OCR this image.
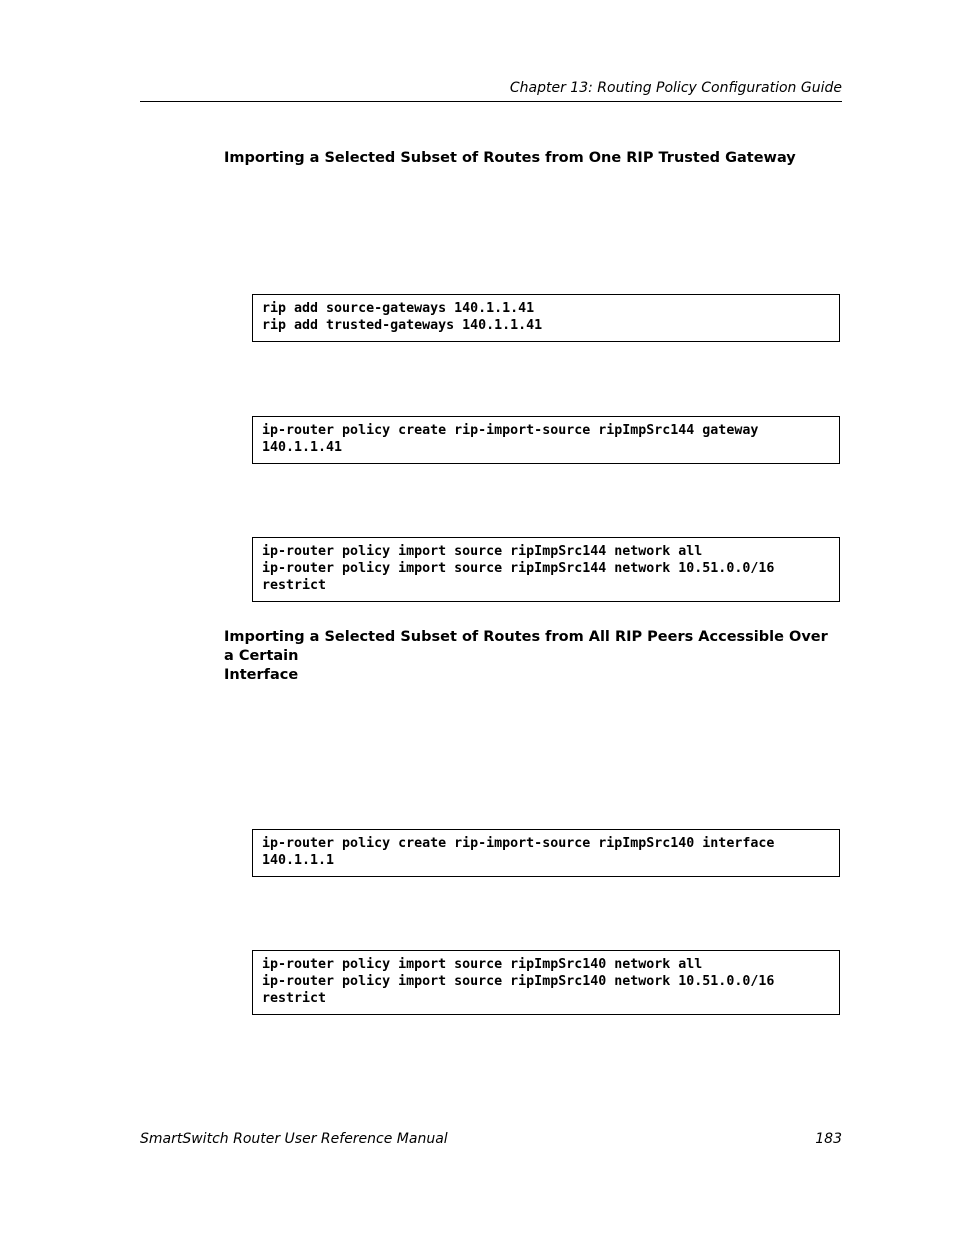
Chapter 13: Routing Policy Configuration Guide
Importing a Selected Subset of Routes from One RIP Trusted Gateway
rip add source-gateways 140.1.1.41
rip add trusted-gateways 140.1.1.41
ip-router policy create rip-import-source ripImpSrc144 gateway
140.1.1.41
ip-router policy import source ripImpSrc144 network all
ip-router policy import source ripImpSrc144 network 10.51.0.0/16
restrict
Importing a Selected Subset of Routes from All RIP Peers Accessible Over a Certain
Interface
ip-router policy create rip-import-source ripImpSrc140 interface
140.1.1.1
ip-router policy import source ripImpSrc140 network all
ip-router policy import source ripImpSrc140 network 10.51.0.0/16
restrict
SmartSwitch Router User Reference Manual	183
